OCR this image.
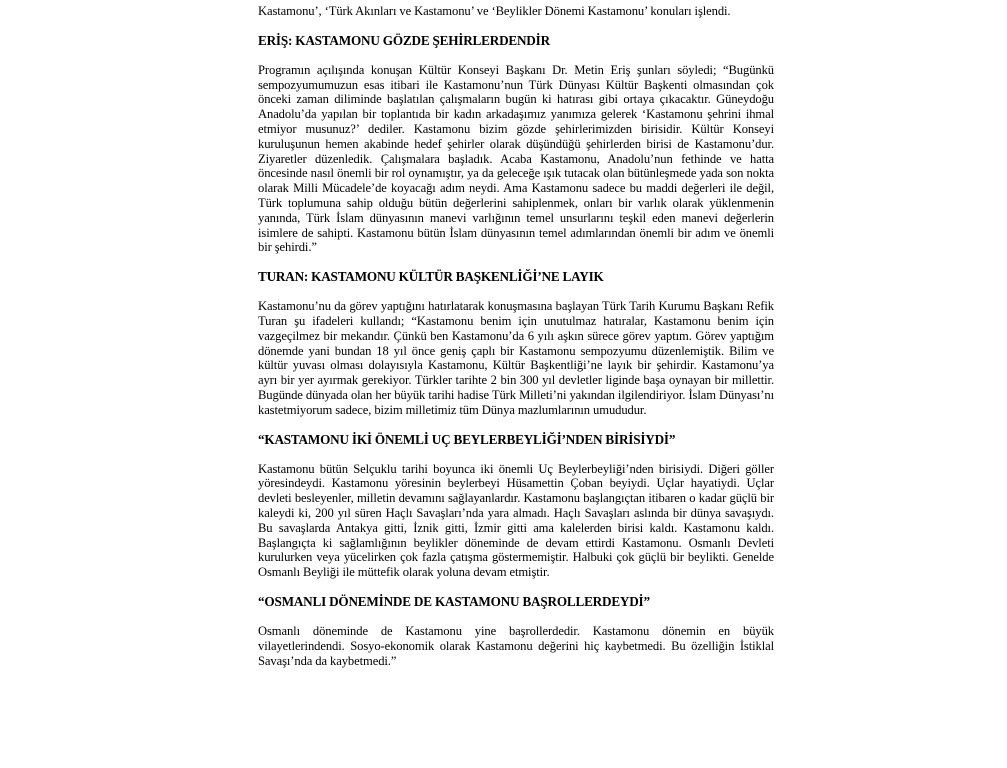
Kastamonu’, ‘Türk Akınları ve Kastamonu’ ve ‘Beylikler Dönemi Kastamonu’ konuları işlendi.

ERİŞ: KASTAMONU GÖZDE ŞEHİRLERDENDİR

Programın açılışında konuşan Kültür Konseyi Başkanı Dr. Metin Eriş şunları söyledi; “Bugünkü sempozyumumuzun esas itibari ile Kastamonu’nun Türk Dünyası Kültür Başkenti olmasından çok önceki zaman diliminde başlatılan çalışmaların bugün ki hatırası gibi ortaya çıkacaktır. Güneydoğu Anadolu’da yapılan bir toplantıda bir kadın arkadaşımız yanımıza gelerek ‘Kastamonu şehrini ihmal etmiyor musunuz?’ dediler. Kastamonu bizim gözde şehirlerimizden birisidir. Kültür Konseyi kuruluşunun hemen akabinde hedef şehirler olarak düşündüğü şehirlerden birisi de Kastamonu’dur. Ziyaretler düzenledik. Çalışmalara başladık. Acaba Kastamonu, Anadolu’nun fethinde ve hatta öncesinde nasıl önemli bir rol oynamıştır, ya da geleceğe ışık tutacak olan bütünleşmede yada son nokta olarak Milli Mücadele’de koyacağı adım neydi. Ama Kastamonu sadece bu maddi değerleri ile değil, Türk toplumuna sahip olduğu bütün değerlerini sahiplenmek, onları bir varlık olarak yüklenmenin yanında, Türk İslam dünyasının manevi varlığının temel unsurlarını teşkil eden manevi değerlerin isimlere de sahipti. Kastamonu bütün İslam dünyasının temel adımlarından önemli bir adım ve önemli bir şehirdi.”

TURAN: KASTAMONU KÜLTÜR BAŞKENLİĞİ’NE LAYIK

Kastamonu’nu da görev yaptığını hatırlatarak konuşmasına başlayan Türk Tarih Kurumu Başkanı Refik Turan şu ifadeleri kullandı; “Kastamonu benim için unutulmaz hatıralar, Kastamonu benim için vazgeçilmez bir mekandır. Çünkü ben Kastamonu’da 6 yılı aşkın sürece görev yaptım. Görev yaptığım dönemde yani bundan 18 yıl önce geniş çaplı bir Kastamonu sempozyumu düzenlemiştik. Bilim ve kültür yuvası olması dolayısıyla Kastamonu, Kültür Başkentliği’ne layık bir şehirdir. Kastamonu’ya ayrı bir yer ayırmak gerekiyor. Türkler tarihte 2 bin 300 yıl devletler liginde başa oynayan bir millettir. Bugünde dünyada olan her büyük tarihi hadise Türk Milleti’ni yakından ilgilendiriyor. İslam Dünyası’nı kastetmiyorum sadece, bizim milletimiz tüm Dünya mazlumlarının umududur.

“KASTAMONU İKİ ÖNEMLİ UÇ BEYLERBEYLİĞİ’NDEN BİRİSİYDİ”

Kastamonu bütün Selçuklu tarihi boyunca iki önemli Uç Beylerbeyliği’nden birisiydi. Diğeri göller yöresindeydi. Kastamonu yöresinin beylerbeyi Hüsamettin Çoban beyiydi. Uçlar hayatiydi. Uçlar devleti besleyenler, milletin devamını sağlayanlardır. Kastamonu başlangıçtan itibaren o kadar güçlü bir kaleydi ki, 200 yıl süren Haçlı Savaşları’nda yara almadı. Haçlı Savaşları aslında bir dünya savaşıydı. Bu savaşlarda Antakya gitti, İznik gitti, İzmir gitti ama kalelerden birisi kaldı. Kastamonu kaldı. Başlangıçta ki sağlamlığının beylikler döneminde de devam ettirdi Kastamonu. Osmanlı Devleti kurulurken veya yücelirken çok fazla çatışma göstermemiştir. Halbuki çok güçlü bir beylikti. Genelde Osmanlı Beyliği ile müttefik olarak yoluna devam etmiştir.

“OSMANLI DÖNEMİNDE DE KASTAMONU BAŞROLLERDEYDİ”

Osmanlı döneminde de Kastamonu yine başrollerdedir. Kastamonu dönemin en büyük vilayetlerindendi. Sosyo-ekonomik olarak Kastamonu değerini hiç kaybetmedi. Bu özelliğin İstiklal Savaşı’nda da kaybetmedi.”
